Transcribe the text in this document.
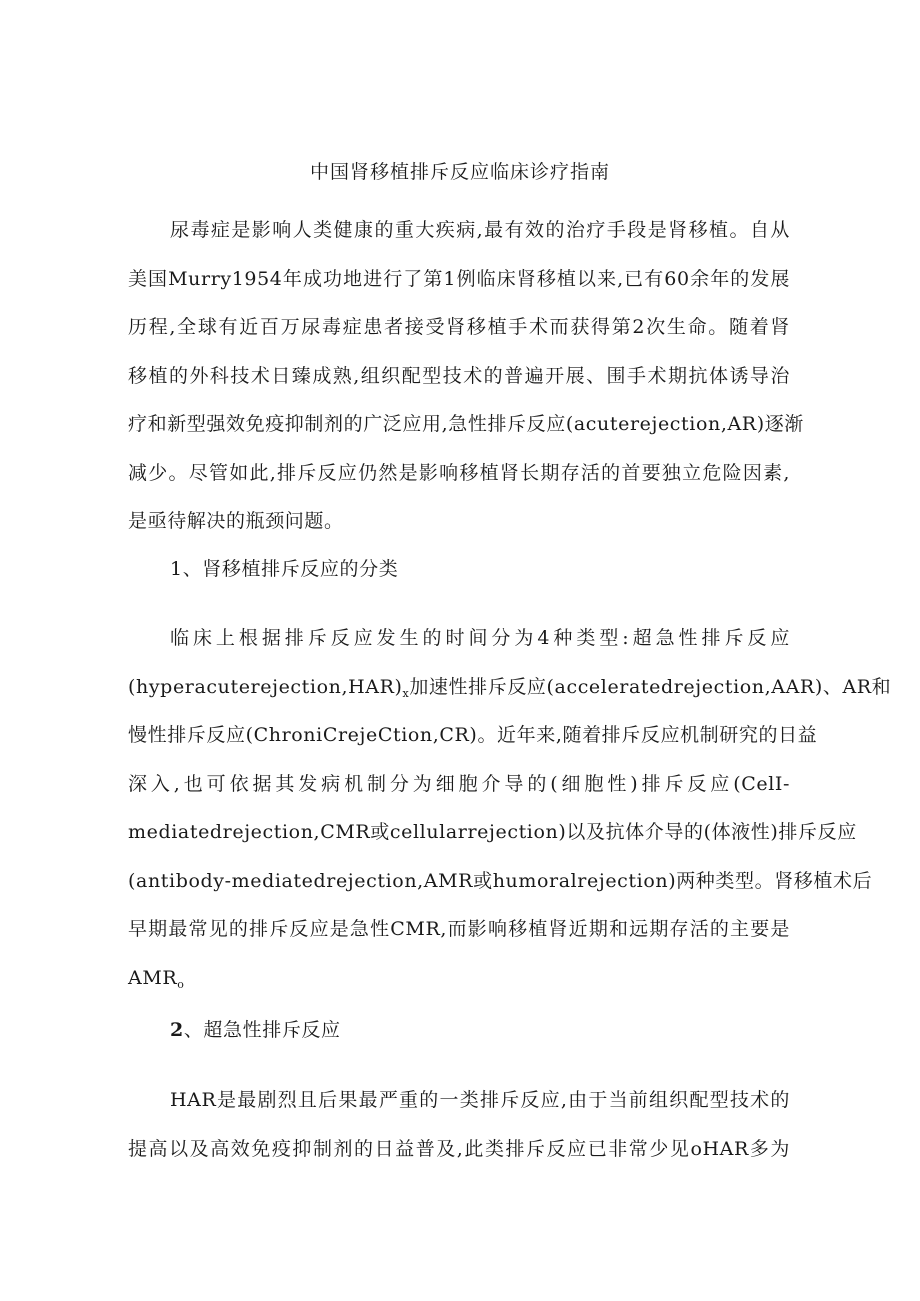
中国肾移植排斥反应临床诊疗指南
尿毒症是影响人类健康的重大疾病,最有效的治疗手段是肾移植。自从
美国Murry1954年成功地进行了第1例临床肾移植以来,已有60余年的发展
历程,全球有近百万尿毒症患者接受肾移植手术而获得第2次生命。随着肾
移植的外科技术日臻成熟,组织配型技术的普遍开展、围手术期抗体诱导治
疗和新型强效免疫抑制剂的广泛应用,急性排斥反应(acuterejection,AR)逐渐
减少。尽管如此,排斥反应仍然是影响移植肾长期存活的首要独立危险因素,
是亟待解决的瓶颈问题。
1、肾移植排斥反应的分类
临床上根据排斥反应发生的时间分为4种类型:超急性排斥反应
$(hyperacuterejection,HAR)_x$加速性排斥反应(acceleratedrejection,AAR)、AR和
慢性排斥反应(ChroniCrejeCtion,CR)。近年来,随着排斥反应机制研究的日益
深入,也可依据其发病机制分为细胞介导的(细胞性)排斥反应(CelI-
mediatedrejection,CMR或cellularrejection)以及抗体介导的(体液性)排斥反应
(antibody-mediatedrejection,AMR或humoralrejection)两种类型。肾移植术后
早期最常见的排斥反应是急性CMR,而影响移植肾近期和远期存活的主要是
$AMR_o$
2、超急性排斥反应
HAR是最剧烈且后果最严重的一类排斥反应,由于当前组织配型技术的
提高以及高效免疫抑制剂的日益普及,此类排斥反应已非常少见oHAR多为
